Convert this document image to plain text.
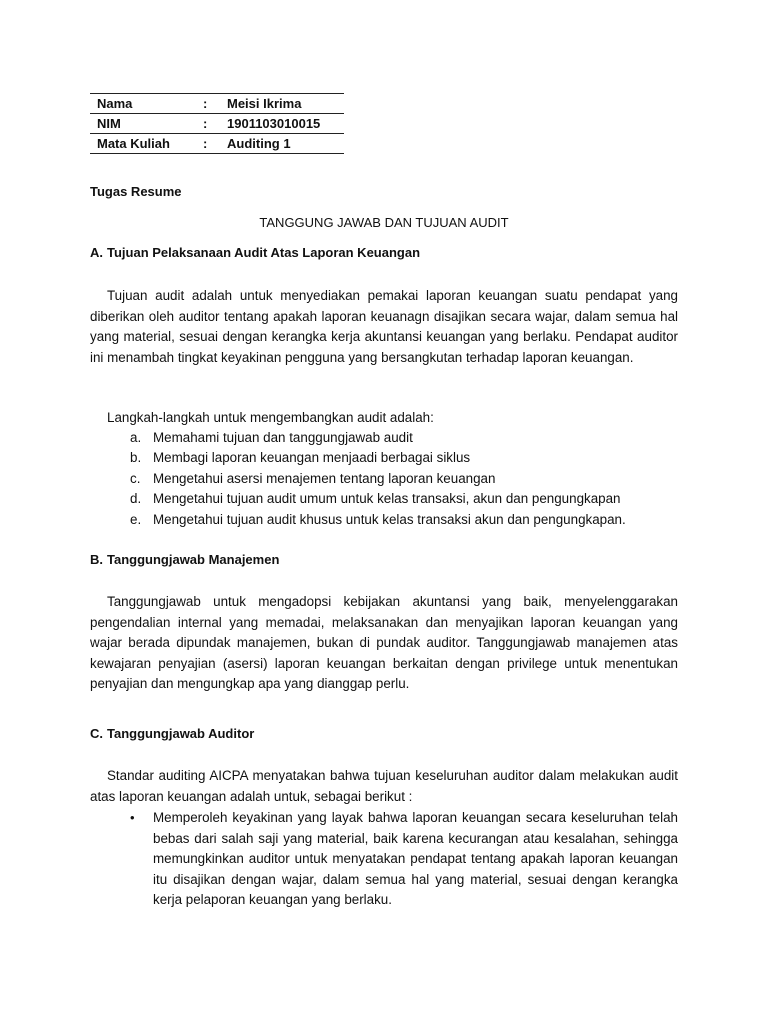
Nama	:	Meisi Ikrima
NIM	:	1901103010015
Mata Kuliah	:	Auditing 1
Tugas Resume
TANGGUNG JAWAB DAN TUJUAN AUDIT
A. Tujuan Pelaksanaan Audit Atas Laporan Keuangan
Tujuan audit adalah untuk menyediakan pemakai laporan keuangan suatu pendapat yang diberikan oleh auditor tentang apakah laporan keuanagn disajikan secara wajar, dalam semua hal yang material, sesuai dengan kerangka kerja akuntansi keuangan yang berlaku. Pendapat auditor ini menambah tingkat keyakinan pengguna yang bersangkutan terhadap laporan keuangan.
Langkah-langkah untuk mengembangkan audit adalah:
a. Memahami tujuan dan tanggungjawab audit
b. Membagi laporan keuangan menjaadi berbagai siklus
c. Mengetahui asersi menajemen tentang laporan keuangan
d. Mengetahui tujuan audit umum untuk kelas transaksi, akun dan pengungkapan
e. Mengetahui tujuan audit khusus untuk kelas transaksi akun dan pengungkapan.
B. Tanggungjawab Manajemen
Tanggungjawab untuk mengadopsi kebijakan akuntansi yang baik, menyelenggarakan pengendalian internal yang memadai, melaksanakan dan menyajikan laporan keuangan yang wajar berada dipundak manajemen, bukan di pundak auditor. Tanggungjawab manajemen atas kewajaran penyajian (asersi) laporan keuangan berkaitan dengan privilege untuk menentukan penyajian dan mengungkap apa yang dianggap perlu.
C. Tanggungjawab Auditor
Standar auditing AICPA menyatakan bahwa tujuan keseluruhan auditor dalam melakukan audit atas laporan keuangan adalah untuk, sebagai berikut :
•	Memperoleh keyakinan yang layak bahwa laporan keuangan secara keseluruhan telah bebas dari salah saji yang material, baik karena kecurangan atau kesalahan, sehingga memungkinkan auditor untuk menyatakan pendapat tentang apakah laporan keuangan itu disajikan dengan wajar, dalam semua hal yang material, sesuai dengan kerangka kerja pelaporan keuangan yang berlaku.
